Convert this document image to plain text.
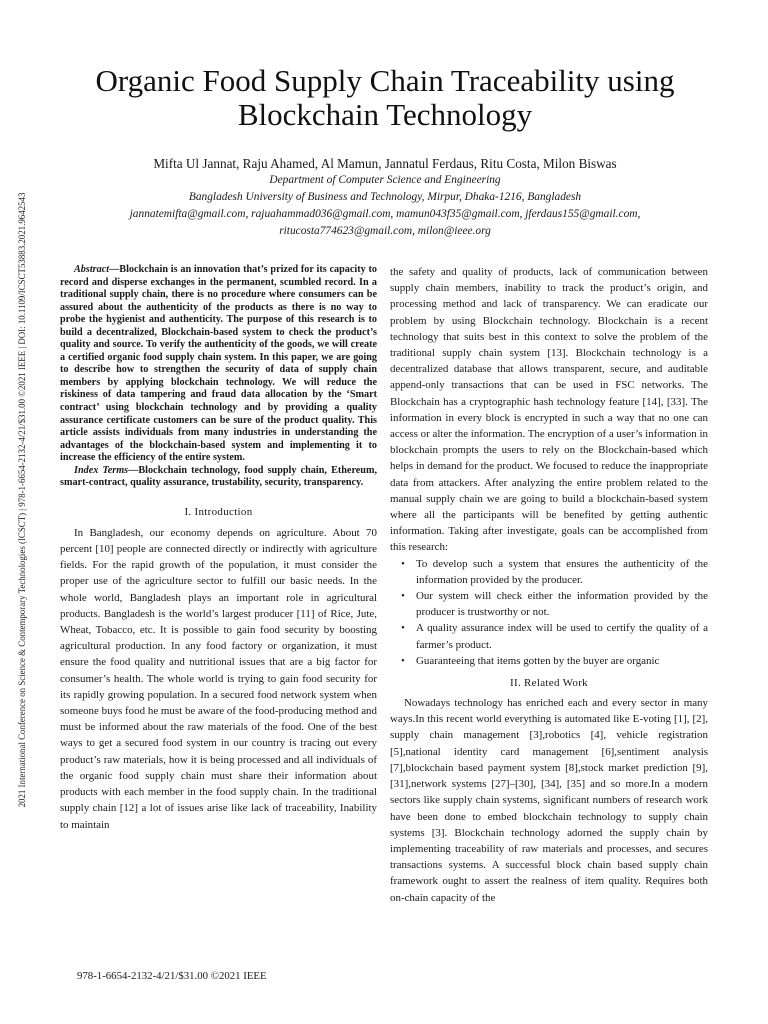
2021 International Conference on Science & Contemporary Technologies (ICSCT) | 978-1-6654-2132-4/21/$31.00 ©2021 IEEE | DOI: 10.1109/ICSCT53883.2021.9642543
Organic Food Supply Chain Traceability using
Blockchain Technology
Mifta Ul Jannat, Raju Ahamed, Al Mamun, Jannatul Ferdaus, Ritu Costa, Milon Biswas
Department of Computer Science and Engineering
Bangladesh University of Business and Technology, Mirpur, Dhaka-1216, Bangladesh
jannatemifta@gmail.com, rajuahammad036@gmail.com, mamun043f35@gmail.com, jferdaus155@gmail.com,
ritucosta774623@gmail.com, milon@ieee.org

Abstract—Blockchain is an innovation that’s prized for its capacity to record and disperse exchanges in the permanent, scumbled record. In a traditional supply chain, there is no procedure where consumers can be assured about the authenticity of the products as there is no way to probe the hygienist and authenticity. The purpose of this research is to build a decentralized, Blockchain-based system to check the product’s quality and source. To verify the authenticity of the goods, we will create a certified organic food supply chain system. In this paper, we are going to describe how to strengthen the security of data of supply chain members by applying blockchain technology. We will reduce the riskiness of data tampering and fraud data allocation by the ‘Smart contract’ using blockchain technology and by providing a quality assurance certificate customers can be sure of the product quality. This article assists individuals from many industries in understanding the advantages of the blockchain-based system and implementing it to increase the efficiency of the entire system.

Index Terms—Blockchain technology, food supply chain, Ethereum, smart-contract, quality assurance, trustability, security, transparency.

I. Introduction

In Bangladesh, our economy depends on agriculture. About 70 percent [10] people are connected directly or indirectly with agriculture fields. For the rapid growth of the population, it must consider the proper use of the agriculture sector to fulfill our basic needs. In the whole world, Bangladesh plays an important role in agricultural products. Bangladesh is the world’s largest producer [11] of Rice, Jute, Wheat, Tobacco, etc. It is possible to gain food security by boosting agricultural production. In any food factory or organization, it must ensure the food quality and nutritional issues that are a big factor for consumer’s health. The whole world is trying to gain food security for its rapidly growing population. In a secured food network system when someone buys food he must be aware of the food-producing method and must be informed about the raw materials of the food. One of the best ways to get a secured food system in our country is tracing out every product’s raw materials, how it is being processed and all individuals of the organic food supply chain must share their information about products with each member in the food supply chain. In the traditional supply chain [12] a lot of issues arise like lack of traceability, Inability to maintain

the safety and quality of products, lack of communication between supply chain members, inability to track the product’s origin, and processing method and lack of transparency. We can eradicate our problem by using Blockchain technology. Blockchain is a recent technology that suits best in this context to solve the problem of the traditional supply chain system [13]. Blockchain technology is a decentralized database that allows transparent, secure, and auditable append-only transactions that can be used in FSC networks. The Blockchain has a cryptographic hash technology feature [14], [33]. The information in every block is encrypted in such a way that no one can access or alter the information. The encryption of a user’s information in blockchain prompts the users to rely on the Blockchain-based which helps in demand for the product. We focused to reduce the inappropriate data from attackers. After analyzing the entire problem related to the manual supply chain we are going to build a blockchain-based system where all the participants will be benefited by getting authentic information. Taking after investigate, goals can be accomplished from this research:

• To develop such a system that ensures the authenticity of the information provided by the producer.
• Our system will check either the information provided by the producer is trustworthy or not.
• A quality assurance index will be used to certify the quality of a farmer’s product.
• Guaranteeing that items gotten by the buyer are organic
II. Related Work

Nowadays technology has enriched each and every sector in many ways.In this recent world everything is automated like E-voting [1], [2], supply chain management [3],robotics [4], vehicle registration [5],national identity card management [6],sentiment analysis [7],blockchain based payment system [8],stock market prediction [9], [31],network systems [27]–[30], [34], [35] and so more.In a modern sectors like supply chain systems, significant numbers of research work have been done to embed blockchain technology to supply chain systems [3]. Blockchain technology adorned the supply chain by implementing traceability of raw materials and processes, and secures transactions systems. A successful block chain based supply chain framework ought to assert the realness of item quality. Requires both on-chain capacity of the

978-1-6654-2132-4/21/$31.00 ©2021 IEEE
